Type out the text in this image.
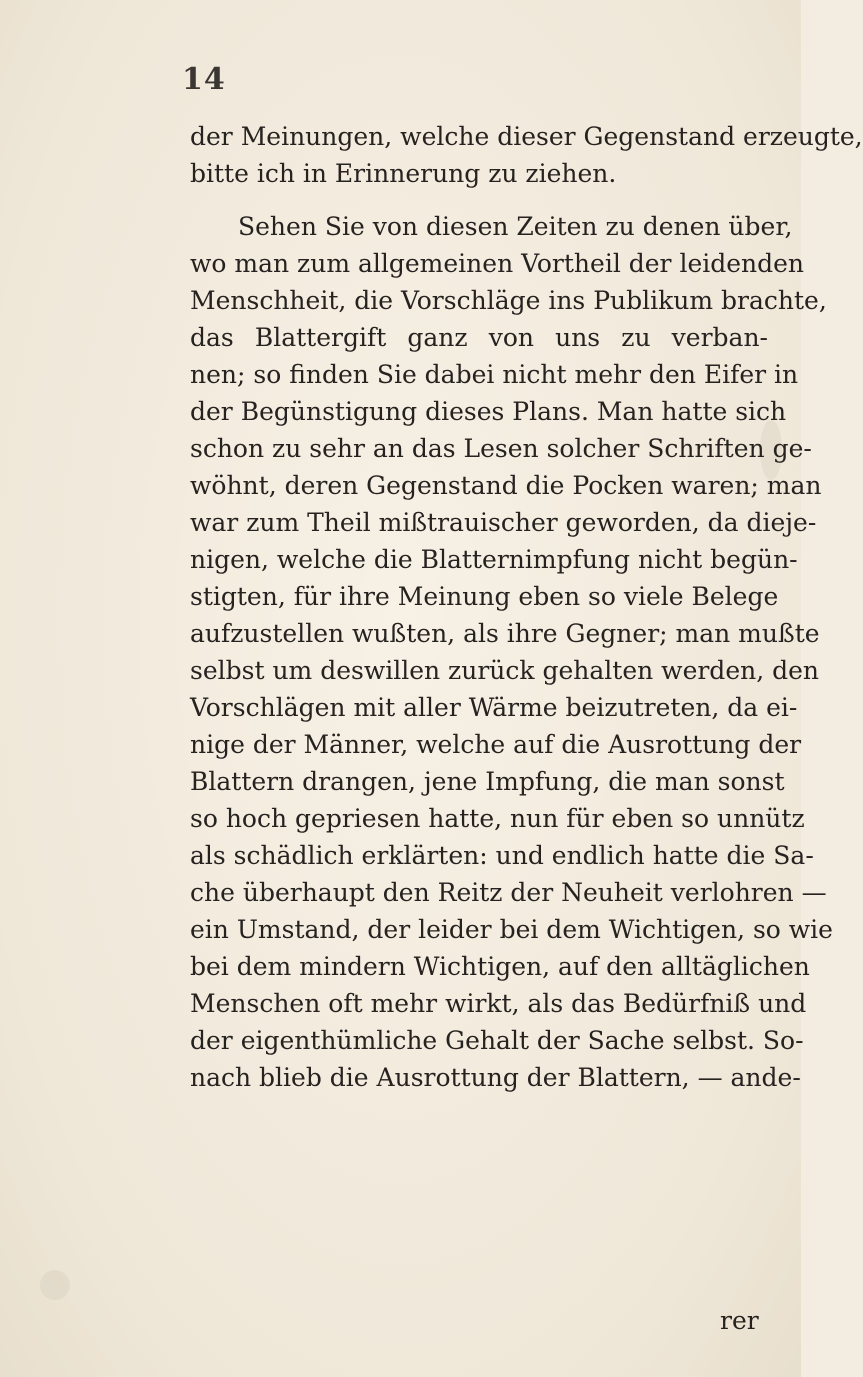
14
der Meinungen, welche dieser Gegenstand erzeugte,
bitte ich in Erinnerung zu ziehen.
Sehen Sie von diesen Zeiten zu denen über,
wo man zum allgemeinen Vortheil der leidenden
Menschheit, die Vorschläge ins Publikum brachte,
das Blattergift ganz von uns zu verban-
nen; so finden Sie dabei nicht mehr den Eifer in
der Begünstigung dieses Plans. Man hatte sich
schon zu sehr an das Lesen solcher Schriften ge-
wöhnt, deren Gegenstand die Pocken waren; man
war zum Theil mißtrauischer geworden, da dieje-
nigen, welche die Blatternimpfung nicht begün-
stigten, für ihre Meinung eben so viele Belege
aufzustellen wußten, als ihre Gegner; man mußte
selbst um deswillen zurück gehalten werden, den
Vorschlägen mit aller Wärme beizutreten, da ei-
nige der Männer, welche auf die Ausrottung der
Blattern drangen, jene Impfung, die man sonst
so hoch gepriesen hatte, nun für eben so unnütz
als schädlich erklärten: und endlich hatte die Sa-
che überhaupt den Reitz der Neuheit verlohren —
ein Umstand, der leider bei dem Wichtigen, so wie
bei dem mindern Wichtigen, auf den alltäglichen
Menschen oft mehr wirkt, als das Bedürfniß und
der eigenthümliche Gehalt der Sache selbst. So-
nach blieb die Ausrottung der Blattern, — ande-
rer
